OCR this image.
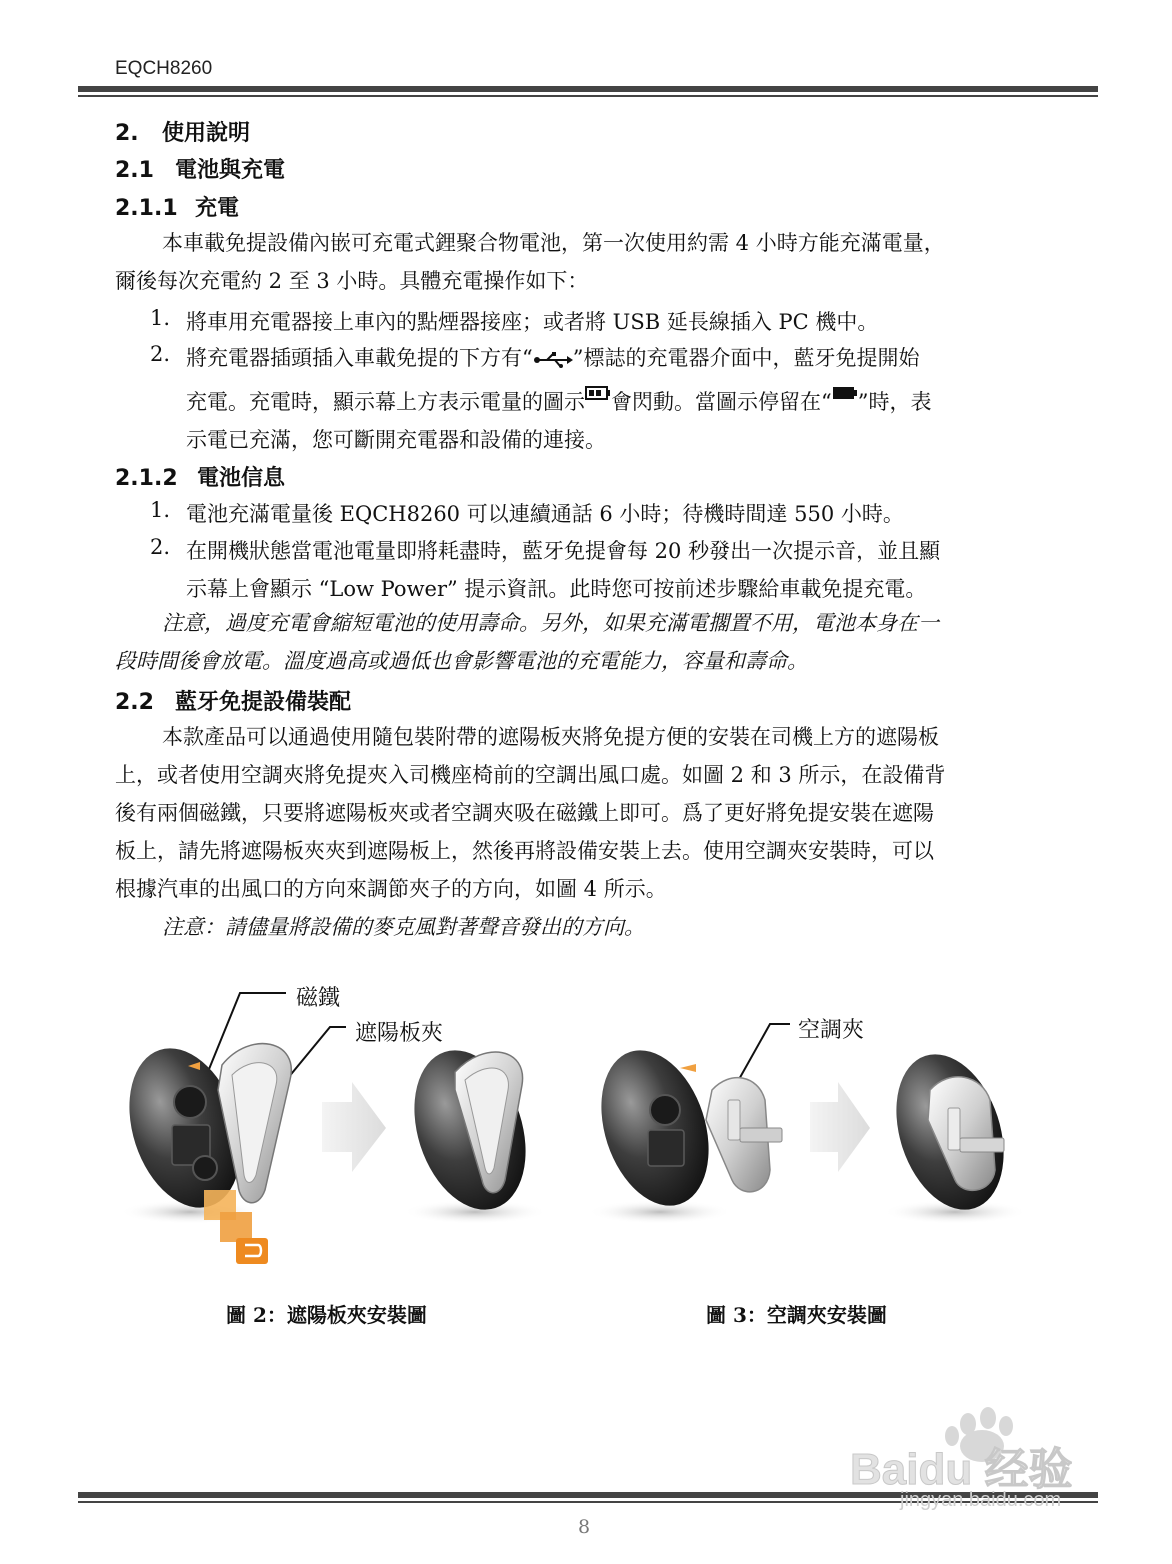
EQCH8260
2. 使用說明
2.1 電池與充電
2.1.1 充電
本車載免提設備內嵌可充電式鋰聚合物電池，第一次使用約需 4 小時方能充滿電量，
爾後每次充電約 2 至 3 小時。具體充電操作如下：
1. 將車用充電器接上車內的點煙器接座；或者將 USB 延長線插入 PC 機中。
2. 將充電器插頭插入車載免提的下方有“ ”標誌的充電器介面中，藍牙免提開始
充電。充電時，顯示幕上方表示電量的圖示 會閃動。當圖示停留在“ ”時，表
示電已充滿，您可斷開充電器和設備的連接。
2.1.2 電池信息
1. 電池充滿電量後 EQCH8260 可以連續通話 6 小時；待機時間達 550 小時。
2. 在開機狀態當電池電量即將耗盡時，藍牙免提會每 20 秒發出一次提示音，並且顯
示幕上會顯示 “Low Power” 提示資訊。此時您可按前述步驟給車載免提充電。
注意，過度充電會縮短電池的使用壽命。另外，如果充滿電擱置不用，電池本身在一
段時間後會放電。溫度過高或過低也會影響電池的充電能力，容量和壽命。
2.2 藍牙免提設備裝配
本款產品可以通過使用隨包裝附帶的遮陽板夾將免提方便的安裝在司機上方的遮陽板
上，或者使用空調夾將免提夾入司機座椅前的空調出風口處。如圖 2 和 3 所示，在設備背
後有兩個磁鐵，只要將遮陽板夾或者空調夾吸在磁鐵上即可。爲了更好將免提安裝在遮陽
板上，請先將遮陽板夾夾到遮陽板上，然後再將設備安裝上去。使用空調夾安裝時，可以
根據汽車的出風口的方向來調節夾子的方向，如圖 4 所示。
注意：請儘量將設備的麥克風對著聲音發出的方向。
磁鐵
遮陽板夾	空調夾
圖 2：遮陽板夾安裝圖	圖 3：空調夾安裝圖
8
Baidu 经验
jingyan.baidu.com
